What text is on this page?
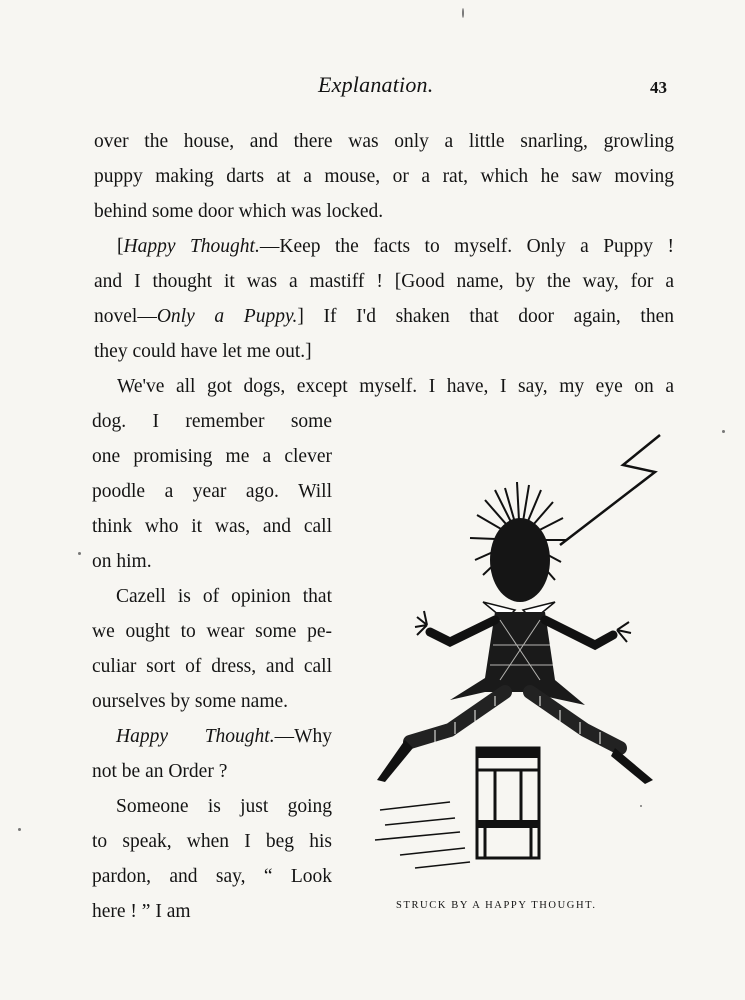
Explanation.	43
over the house, and there was only a little snarling, growling
puppy making darts at a mouse, or a rat, which he saw moving
behind some door which was locked.
[Happy Thought.—Keep the facts to myself. Only a Puppy !
and I thought it was a mastiff ! [Good name, by the way, for a
novel—Only a Puppy.] If I'd shaken that door again, then
they could have let me out.]
We've all got dogs, except myself. I have, I say, my eye on a
dog. I remember some
one promising me a clever
poodle a year ago. Will
think who it was, and call
on him.
Cazell is of opinion that
we ought to wear some pe-
culiar sort of dress, and call
ourselves by some name.
Happy Thought.—Why
not be an Order ?
Someone is just going
to speak, when I beg his
pardon, and say, “ Look
here ! ” I am	STRUCK BY A HAPPY THOUGHT.
